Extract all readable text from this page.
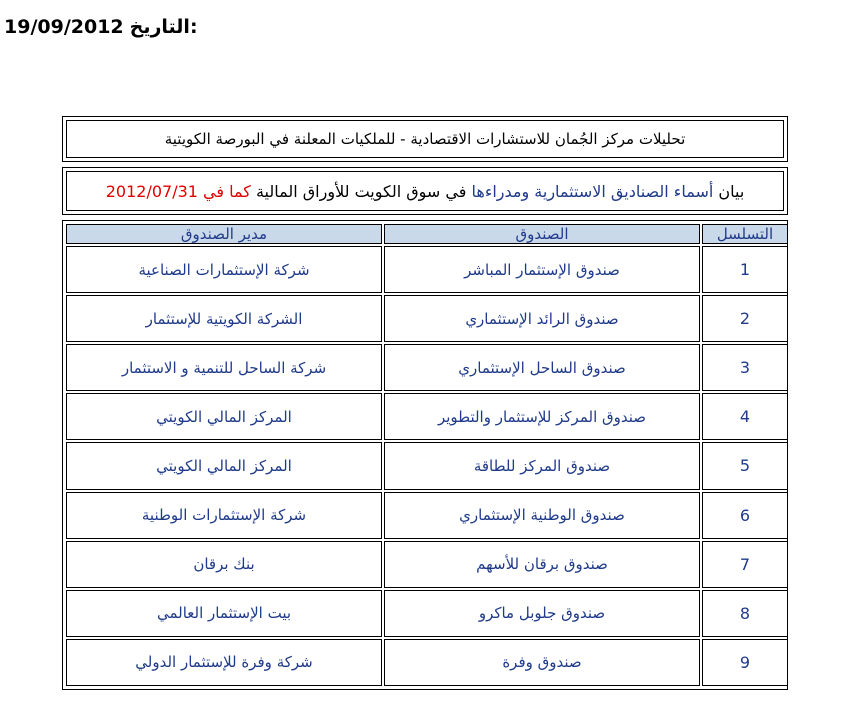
19/09/2012 التاريخ:
تحليلات مركز الجُمان للاستشارات الاقتصادية - للملكيات المعلنة في البورصة الكويتية
بيان

أسماء الصناديق الاستثمارية ومدراءها

في سوق الكويت للأوراق المالية

كما في 2012/07/31
التسلسل	الصندوق	مدير الصندوق
1	صندوق الإستثمار المباشر	شركة الإستثمارات الصناعية
2	صندوق الرائد الإستثماري	الشركة الكويتية للإستثمار
3	صندوق الساحل الإستثماري	شركة الساحل للتنمية و الاستثمار
4	صندوق المركز للإستثمار والتطوير	المركز المالي الكويتي
5	صندوق المركز للطاقة	المركز المالي الكويتي
6	صندوق الوطنية الإستثماري	شركة الإستثمارات الوطنية
7	صندوق برقان للأسهم	بنك برقان
8	صندوق جلوبل ماكرو	بيت الإستثمار العالمي
9	صندوق وفرة	شركة وفرة للإستثمار الدولي
